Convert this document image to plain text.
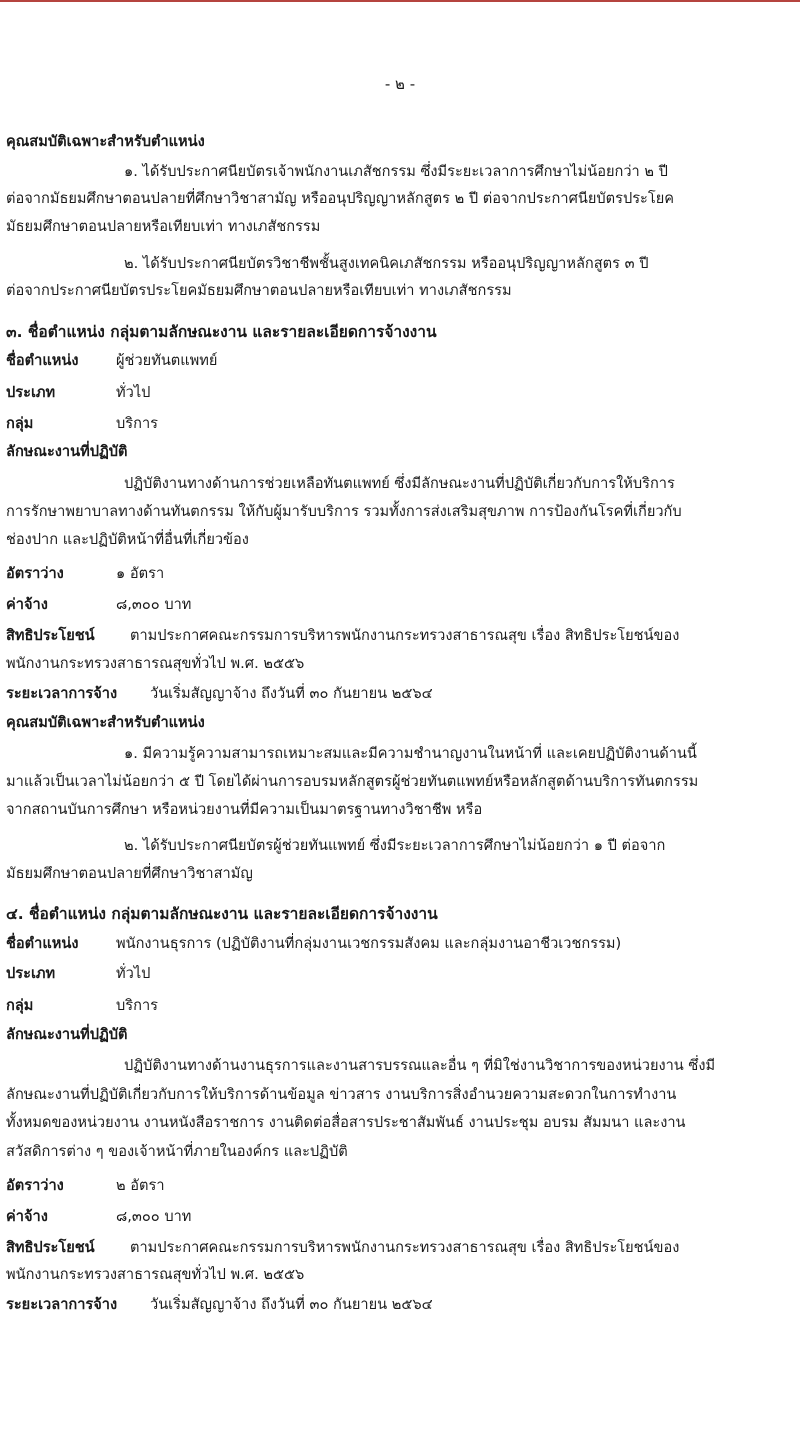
- ๒ -
คุณสมบัติเฉพาะสำหรับตำแหน่ง
๑. ได้รับประกาศนียบัตรเจ้าพนักงานเภสัชกรรม ซึ่งมีระยะเวลาการศึกษาไม่น้อยกว่า ๒ ปี
ต่อจากมัธยมศึกษาตอนปลายที่ศึกษาวิชาสามัญ หรืออนุปริญญาหลักสูตร ๒ ปี ต่อจากประกาศนียบัตรประโยค
มัธยมศึกษาตอนปลายหรือเทียบเท่า ทางเภสัชกรรม
๒. ได้รับประกาศนียบัตรวิชาชีพชั้นสูงเทคนิคเภสัชกรรม หรืออนุปริญญาหลักสูตร ๓ ปี
ต่อจากประกาศนียบัตรประโยคมัธยมศึกษาตอนปลายหรือเทียบเท่า ทางเภสัชกรรม
๓. ชื่อตำแหน่ง กลุ่มตามลักษณะงาน และรายละเอียดการจ้างงาน
ชื่อตำแหน่ง	ผู้ช่วยทันตแพทย์
ประเภท	ทั่วไป
กลุ่ม	บริการ
ลักษณะงานที่ปฏิบัติ
ปฏิบัติงานทางด้านการช่วยเหลือทันตแพทย์ ซึ่งมีลักษณะงานที่ปฏิบัติเกี่ยวกับการให้บริการ
การรักษาพยาบาลทางด้านทันตกรรม ให้กับผู้มารับบริการ รวมทั้งการส่งเสริมสุขภาพ การป้องกันโรคที่เกี่ยวกับ
ช่องปาก และปฏิบัติหน้าที่อื่นที่เกี่ยวข้อง
อัตราว่าง	๑ อัตรา
ค่าจ้าง	๘,๓๐๐ บาท
สิทธิประโยชน์ ตามประกาศคณะกรรมการบริหารพนักงานกระทรวงสาธารณสุข เรื่อง สิทธิประโยชน์ของ
พนักงานกระทรวงสาธารณสุขทั่วไป พ.ศ. ๒๕๕๖
ระยะเวลาการจ้าง วันเริ่มสัญญาจ้าง ถึงวันที่ ๓๐ กันยายน ๒๕๖๔
คุณสมบัติเฉพาะสำหรับตำแหน่ง
๑. มีความรู้ความสามารถเหมาะสมและมีความชำนาญงานในหน้าที่ และเคยปฏิบัติงานด้านนี้
มาแล้วเป็นเวลาไม่น้อยกว่า ๕ ปี โดยได้ผ่านการอบรมหลักสูตรผู้ช่วยทันตแพทย์หรือหลักสูตด้านบริการทันตกรรม
จากสถานบันการศึกษา หรือหน่วยงานที่มีความเป็นมาตรฐานทางวิชาชีพ หรือ
๒. ได้รับประกาศนียบัตรผู้ช่วยทันแพทย์ ซึ่งมีระยะเวลาการศึกษาไม่น้อยกว่า ๑ ปี ต่อจาก
มัธยมศึกษาตอนปลายที่ศึกษาวิชาสามัญ
๔. ชื่อตำแหน่ง กลุ่มตามลักษณะงาน และรายละเอียดการจ้างงาน
ชื่อตำแหน่ง	พนักงานธุรการ (ปฏิบัติงานที่กลุ่มงานเวชกรรมสังคม และกลุ่มงานอาชีวเวชกรรม)
ประเภท	ทั่วไป
กลุ่ม	บริการ
ลักษณะงานที่ปฏิบัติ
ปฏิบัติงานทางด้านงานธุรการและงานสารบรรณและอื่น ๆ ที่มิใช่งานวิชาการของหน่วยงาน ซึ่งมี
ลักษณะงานที่ปฏิบัติเกี่ยวกับการให้บริการด้านข้อมูล ข่าวสาร งานบริการสิ่งอำนวยความสะดวกในการทำงาน
ทั้งหมดของหน่วยงาน งานหนังสือราชการ งานติดต่อสื่อสารประชาสัมพันธ์ งานประชุม อบรม สัมมนา และงาน
สวัสดิการต่าง ๆ ของเจ้าหน้าที่ภายในองค์กร และปฏิบัติ
อัตราว่าง	๒ อัตรา
ค่าจ้าง	๘,๓๐๐ บาท
สิทธิประโยชน์ ตามประกาศคณะกรรมการบริหารพนักงานกระทรวงสาธารณสุข เรื่อง สิทธิประโยชน์ของ
พนักงานกระทรวงสาธารณสุขทั่วไป พ.ศ. ๒๕๕๖
ระยะเวลาการจ้าง วันเริ่มสัญญาจ้าง ถึงวันที่ ๓๐ กันยายน ๒๕๖๔
